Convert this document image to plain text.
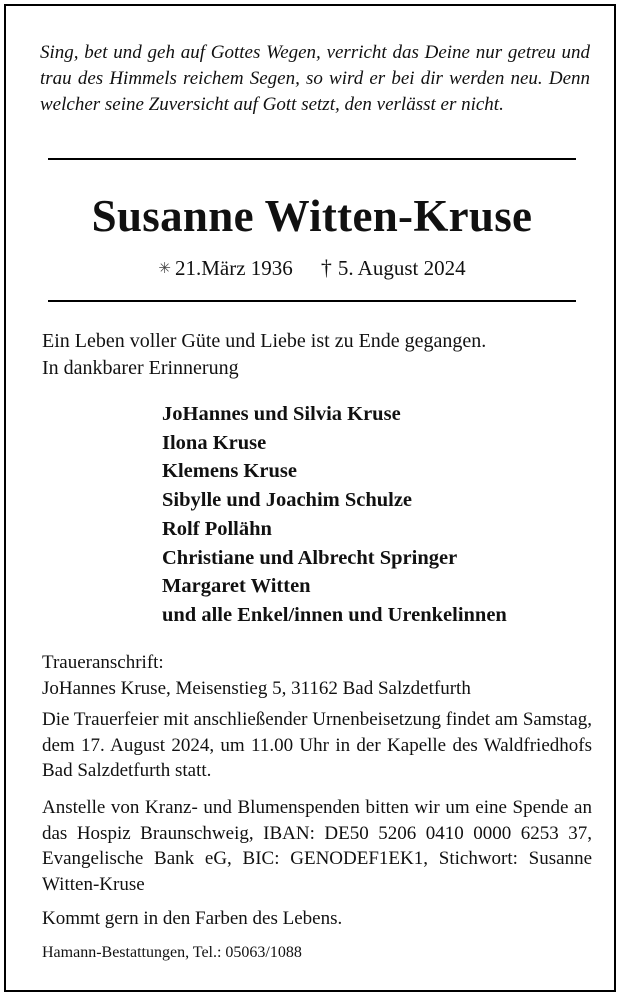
Sing, bet und geh auf Gottes Wegen, verricht das Deine nur getreu und trau des Himmels reichem Segen, so wird er bei dir werden neu. Denn welcher seine Zuversicht auf Gott setzt, den verlässt er nicht.
Susanne Witten-Kruse
✳ 21.März 1936 † 5. August 2024
Ein Leben voller Güte und Liebe ist zu Ende gegangen.
In dankbarer Erinnerung
JoHannes und Silvia Kruse
Ilona Kruse
Klemens Kruse
Sibylle und Joachim Schulze
Rolf Pollähn
Christiane und Albrecht Springer
Margaret Witten
und alle Enkel/innen und Urenkelinnen
Traueranschrift:
JoHannes Kruse, Meisenstieg 5, 31162 Bad Salzdetfurth
Die Trauerfeier mit anschließender Urnenbeisetzung findet am Samstag, dem 17. August 2024, um 11.00 Uhr in der Kapelle des Waldfriedhofs Bad Salzdetfurth statt.
Anstelle von Kranz- und Blumenspenden bitten wir um eine Spende an das Hospiz Braunschweig, IBAN: DE50 5206 0410 0000 6253 37, Evangelische Bank eG, BIC: GENODEF1EK1, Stichwort: Susanne Witten-Kruse
Kommt gern in den Farben des Lebens.
Hamann-Bestattungen, Tel.: 05063/1088
